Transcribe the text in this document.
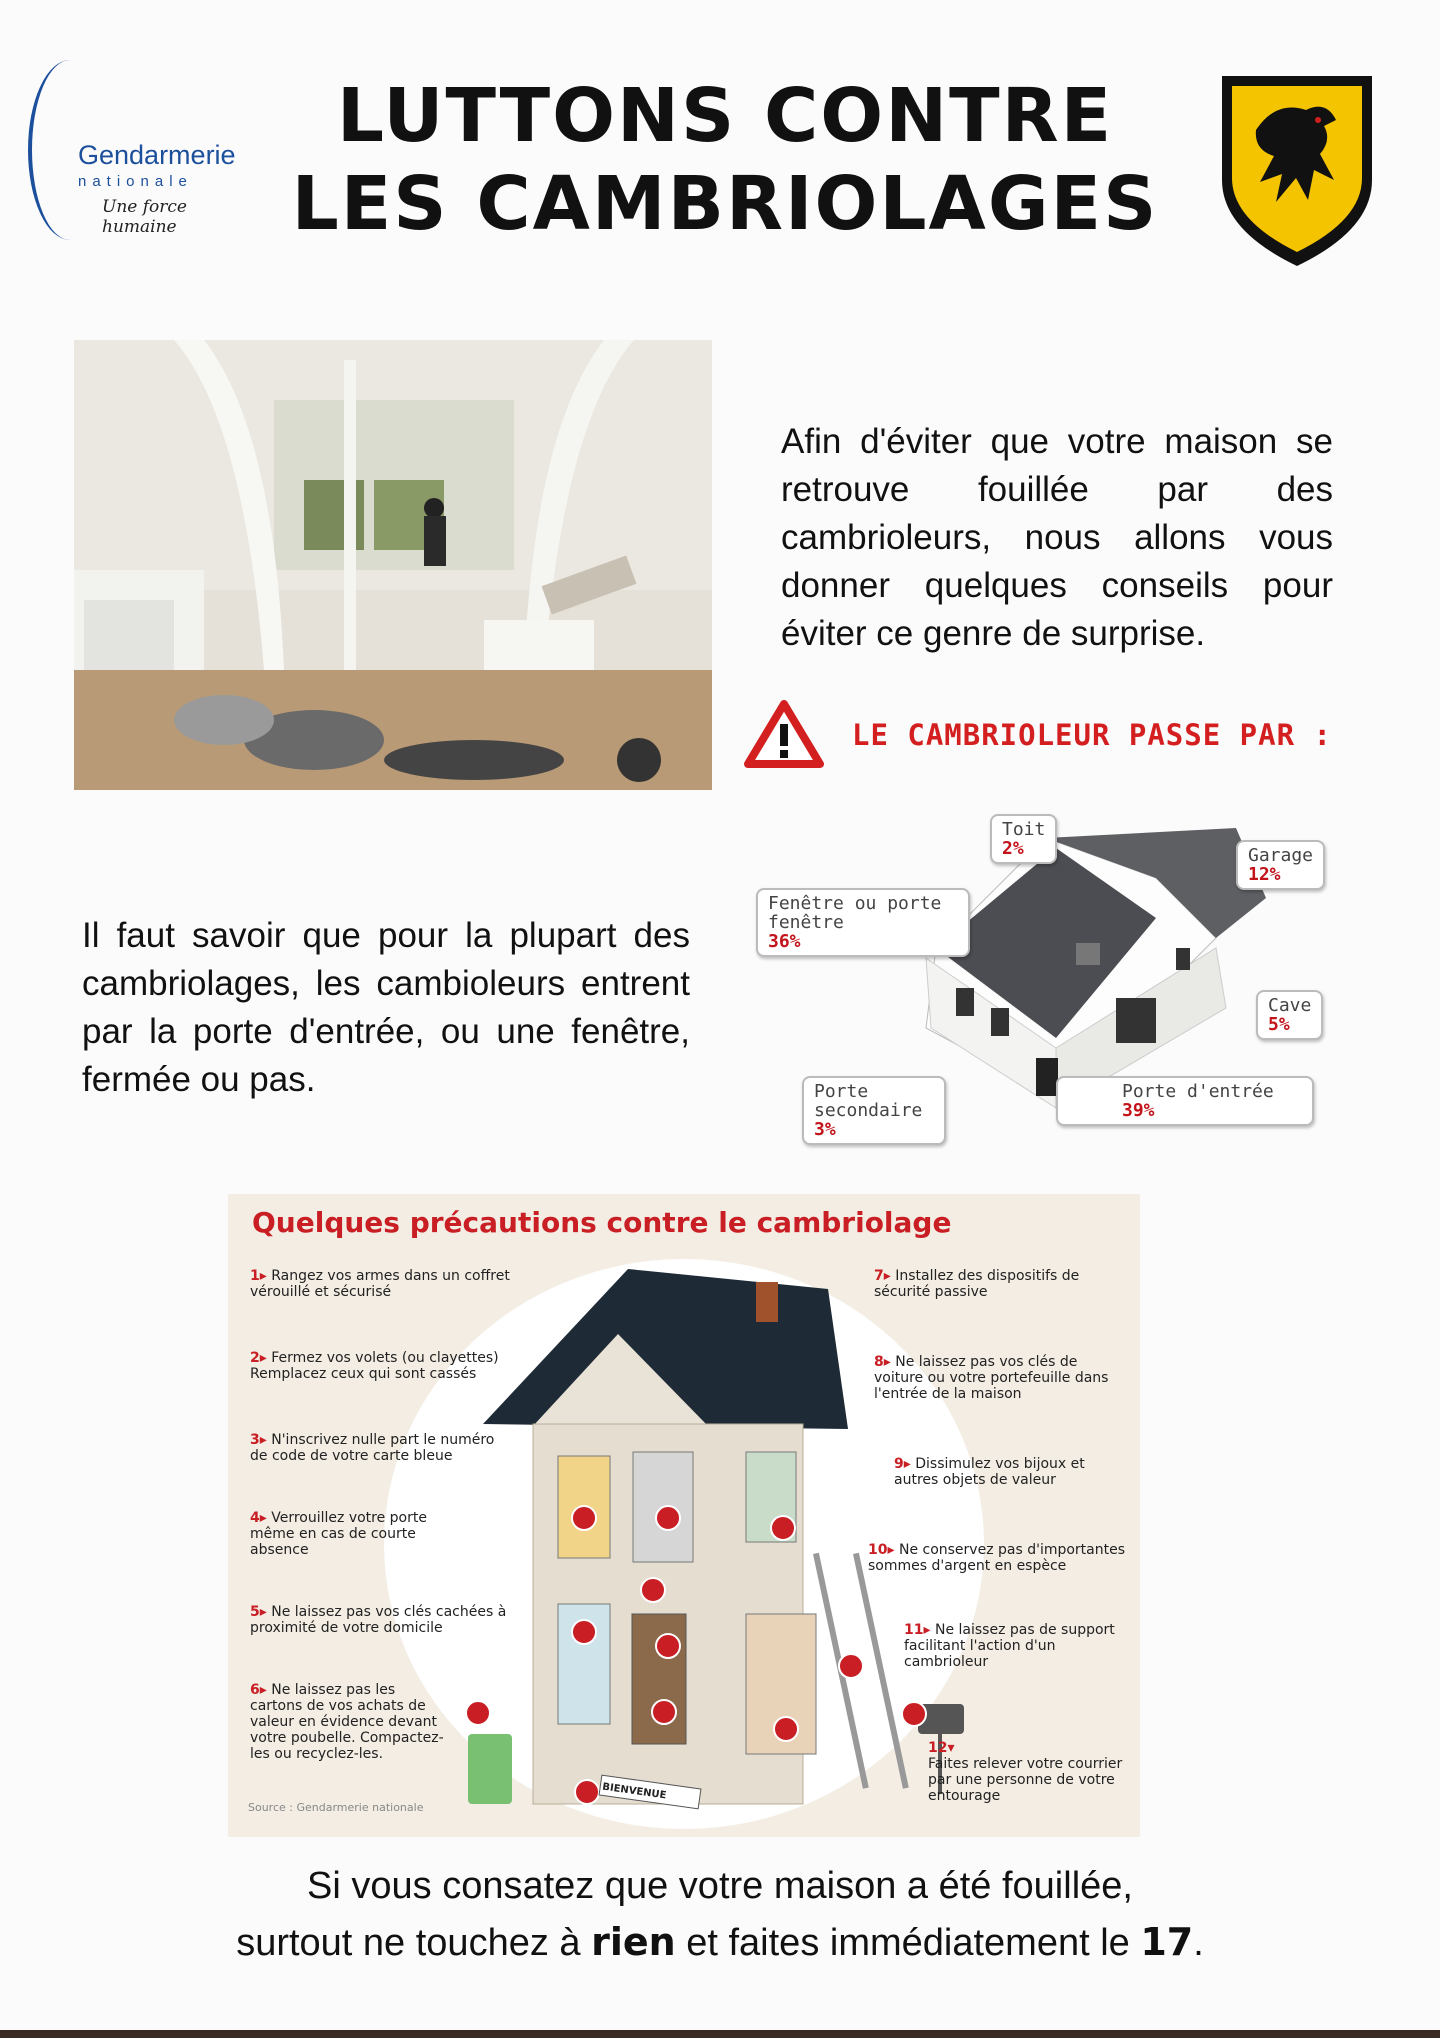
Gendarmerie
nationale
Une force humaine
LUTTONS CONTRE
LES CAMBRIOLAGES
Afin d'éviter que votre maison se retrouve fouillée par des cambrioleurs, nous allons vous donner quelques conseils pour éviter ce genre de surprise.
LE CAMBRIOLEUR PASSE PAR :
Il faut savoir que pour la plupart des cambriolages, les cambioleurs entrent par la porte d'entrée, ou une fenêtre, fermée ou pas.
Toit
2%	Garage
12%
Fenêtre ou porte fenêtre
36%
Cave
5%
Porte secondaire
3%
Porte d'entrée
39%
Quelques précautions contre le cambriolage
BIENVENUE
1▸ Rangez vos armes dans un coffret vérouillé et sécurisé
2▸ Fermez vos volets (ou clayettes) Remplacez ceux qui sont cassés
3▸ N'inscrivez nulle part le numéro de code de votre carte bleue
4▸ Verrouillez votre porte même en cas de courte absence
5▸ Ne laissez pas vos clés cachées à proximité de votre domicile
6▸ Ne laissez pas les cartons de vos achats de valeur en évidence devant votre poubelle. Compactez-les ou recyclez-les.
7▸ Installez des dispositifs de sécurité passive
8▸ Ne laissez pas vos clés de voiture ou votre portefeuille dans l'entrée de la maison
9▸ Dissimulez vos bijoux et autres objets de valeur
10▸ Ne conservez pas d'importantes sommes d'argent en espèce
11▸ Ne laissez pas de support facilitant l'action d'un cambrioleur
12▾
Faites relever votre courrier par une personne de votre entourage
Source : Gendarmerie nationale
Si vous consatez que votre maison a été fouillée,
surtout ne touchez à rien et faites immédiatement le 17.
